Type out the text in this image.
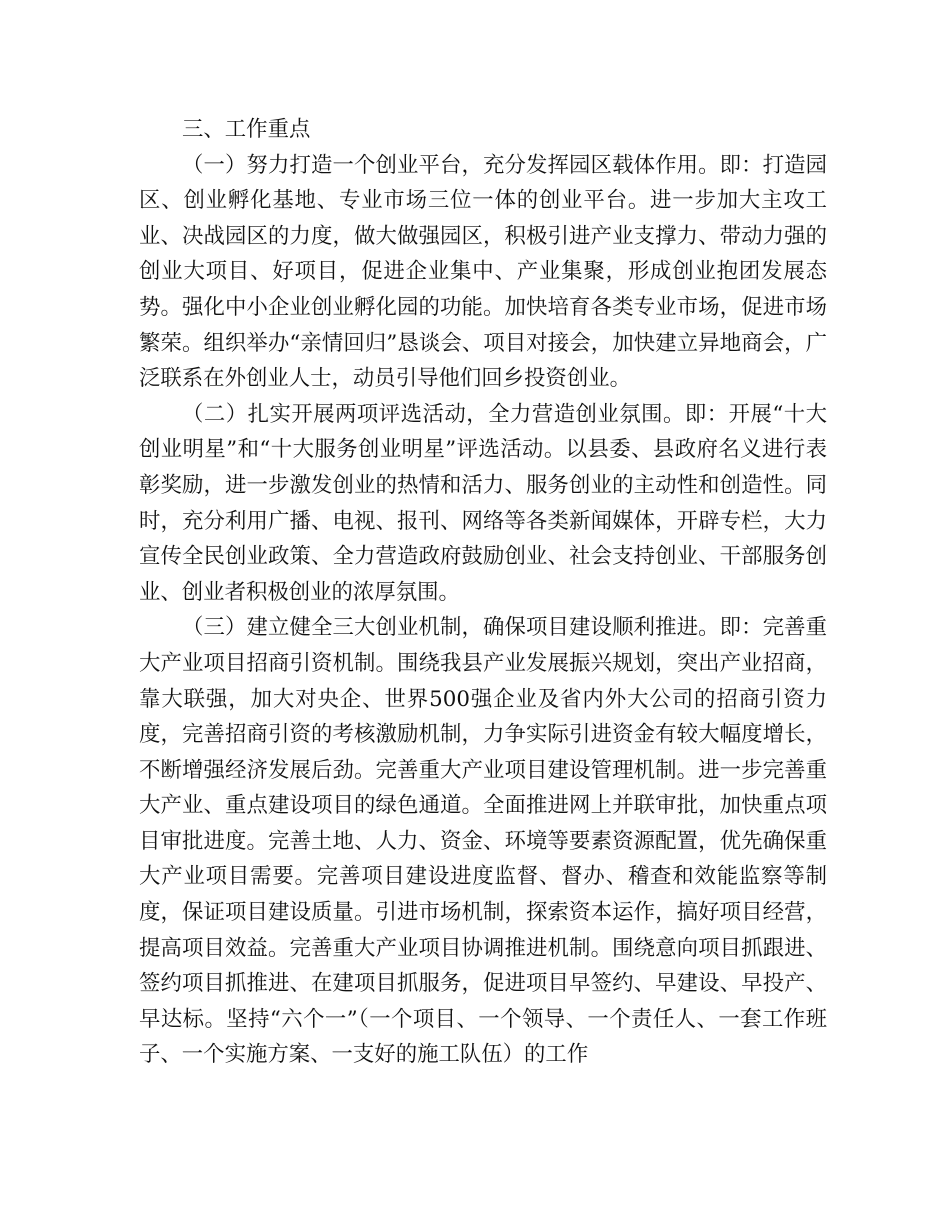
三、工作重点

（一）努力打造一个创业平台，充分发挥园区载体作用。即：打造园区、创业孵化基地、专业市场三位一体的创业平台。进一步加大主攻工业、决战园区的力度，做大做强园区，积极引进产业支撑力、带动力强的创业大项目、好项目，促进企业集中、产业集聚，形成创业抱团发展态势。强化中小企业创业孵化园的功能。加快培育各类专业市场，促进市场繁荣。组织举办“亲情回归”恳谈会、项目对接会，加快建立异地商会，广泛联系在外创业人士，动员引导他们回乡投资创业。

（二）扎实开展两项评选活动，全力营造创业氛围。即：开展“十大创业明星”和“十大服务创业明星”评选活动。以县委、县政府名义进行表彰奖励，进一步激发创业的热情和活力、服务创业的主动性和创造性。同时，充分利用广播、电视、报刊、网络等各类新闻媒体，开辟专栏，大力宣传全民创业政策、全力营造政府鼓励创业、社会支持创业、干部服务创业、创业者积极创业的浓厚氛围。

（三）建立健全三大创业机制，确保项目建设顺利推进。即：完善重大产业项目招商引资机制。围绕我县产业发展振兴规划，突出产业招商，靠大联强，加大对央企、世界500强企业及省内外大公司的招商引资力度，完善招商引资的考核激励机制，力争实际引进资金有较大幅度增长，不断增强经济发展后劲。完善重大产业项目建设管理机制。进一步完善重大产业、重点建设项目的绿色通道。全面推进网上并联审批，加快重点项目审批进度。完善土地、人力、资金、环境等要素资源配置，优先确保重大产业项目需要。完善项目建设进度监督、督办、稽查和效能监察等制度，保证项目建设质量。引进市场机制，探索资本运作，搞好项目经营，提高项目效益。完善重大产业项目协调推进机制。围绕意向项目抓跟进、签约项目抓推进、在建项目抓服务，促进项目早签约、早建设、早投产、早达标。坚持“六个一”（一个项目、一个领导、一个责任人、一套工作班子、一个实施方案、一支好的施工队伍）的工作
